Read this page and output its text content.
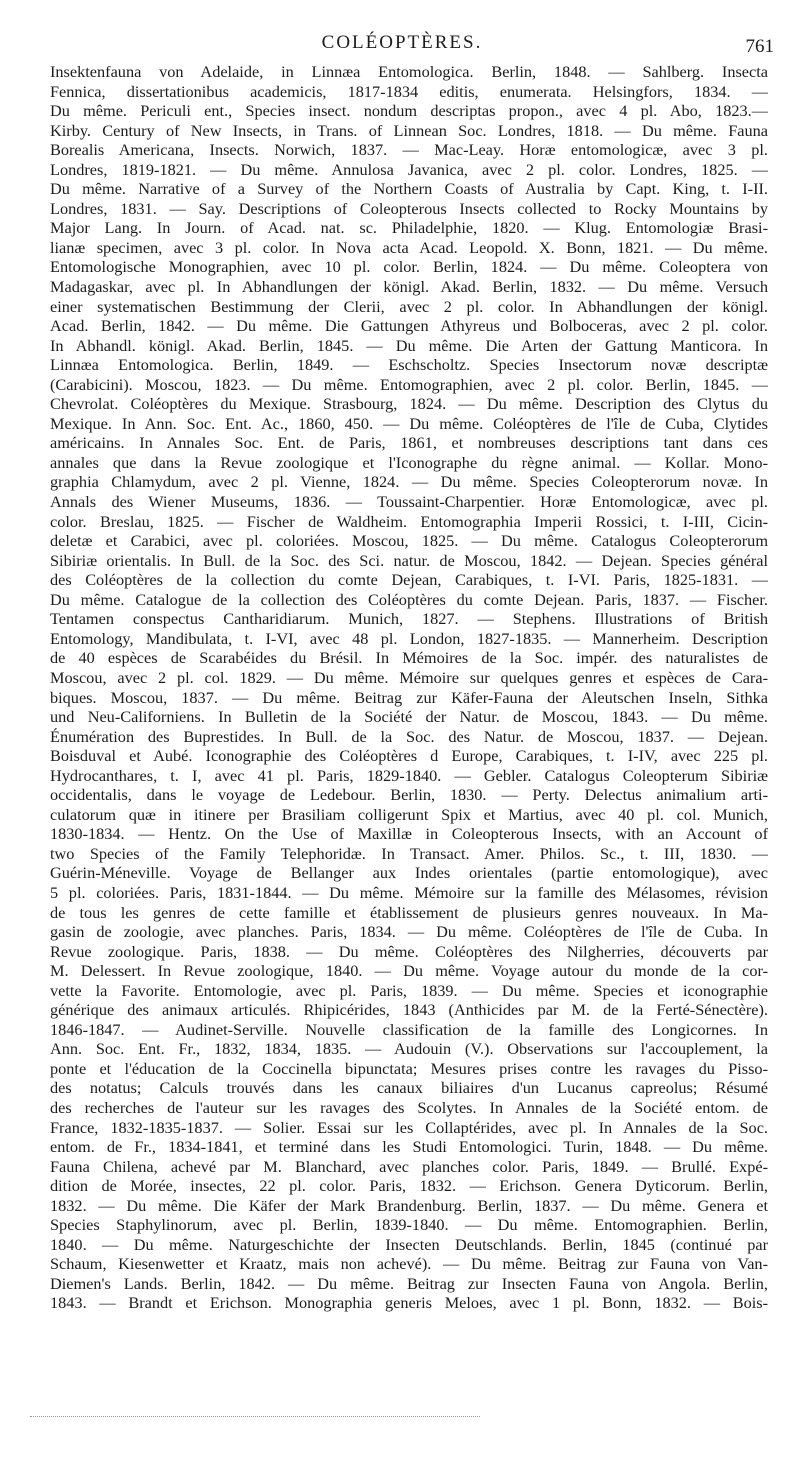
COLÉOPTÈRES.	761
Insektenfauna von Adelaide, in Linnæa Entomologica. Berlin, 1848. — Sahlberg. Insecta
Fennica, dissertationibus academicis, 1817-1834 editis, enumerata. Helsingfors, 1834. —
Du même. Periculi ent., Species insect. nondum descriptas propon., avec 4 pl. Abo, 1823.—
Kirby. Century of New Insects, in Trans. of Linnean Soc. Londres, 1818. — Du même. Fauna
Borealis Americana, Insects. Norwich, 1837. — Mac-Leay. Horæ entomologicæ, avec 3 pl.
Londres, 1819-1821. — Du même. Annulosa Javanica, avec 2 pl. color. Londres, 1825. —
Du même. Narrative of a Survey of the Northern Coasts of Australia by Capt. King, t. I-II.
Londres, 1831. — Say. Descriptions of Coleopterous Insects collected to Rocky Mountains by
Major Lang. In Journ. of Acad. nat. sc. Philadelphie, 1820. — Klug. Entomologiæ Brasi-
lianæ specimen, avec 3 pl. color. In Nova acta Acad. Leopold. X. Bonn, 1821. — Du même.
Entomologische Monographien, avec 10 pl. color. Berlin, 1824. — Du même. Coleoptera von
Madagaskar, avec pl. In Abhandlungen der königl. Akad. Berlin, 1832. — Du même. Versuch
einer systematischen Bestimmung der Clerii, avec 2 pl. color. In Abhandlungen der königl.
Acad. Berlin, 1842. — Du même. Die Gattungen Athyreus und Bolboceras, avec 2 pl. color.
In Abhandl. königl. Akad. Berlin, 1845. — Du même. Die Arten der Gattung Manticora. In
Linnæa Entomologica. Berlin, 1849. — Eschscholtz. Species Insectorum novæ descriptæ
(Carabicini). Moscou, 1823. — Du même. Entomographien, avec 2 pl. color. Berlin, 1845. —
Chevrolat. Coléoptères du Mexique. Strasbourg, 1824. — Du même. Description des Clytus du
Mexique. In Ann. Soc. Ent. Ac., 1860, 450. — Du même. Coléoptères de l'île de Cuba, Clytides
américains. In Annales Soc. Ent. de Paris, 1861, et nombreuses descriptions tant dans ces
annales que dans la Revue zoologique et l'Iconographe du règne animal. — Kollar. Mono-
graphia Chlamydum, avec 2 pl. Vienne, 1824. — Du même. Species Coleopterorum novæ. In
Annals des Wiener Museums, 1836. — Toussaint-Charpentier. Horæ Entomologicæ, avec pl.
color. Breslau, 1825. — Fischer de Waldheim. Entomographia Imperii Rossici, t. I-III, Cicin-
deletæ et Carabici, avec pl. coloriées. Moscou, 1825. — Du même. Catalogus Coleopterorum
Sibiriæ orientalis. In Bull. de la Soc. des Sci. natur. de Moscou, 1842. — Dejean. Species général
des Coléoptères de la collection du comte Dejean, Carabiques, t. I-VI. Paris, 1825-1831. —
Du même. Catalogue de la collection des Coléoptères du comte Dejean. Paris, 1837. — Fischer.
Tentamen conspectus Cantharidiarum. Munich, 1827. — Stephens. Illustrations of British
Entomology, Mandibulata, t. I-VI, avec 48 pl. London, 1827-1835. — Mannerheim. Description
de 40 espèces de Scarabéides du Brésil. In Mémoires de la Soc. impér. des naturalistes de
Moscou, avec 2 pl. col. 1829. — Du même. Mémoire sur quelques genres et espèces de Cara-
biques. Moscou, 1837. — Du même. Beitrag zur Käfer-Fauna der Aleutschen Inseln, Sithka
und Neu-Californiens. In Bulletin de la Société der Natur. de Moscou, 1843. — Du même.
Énumération des Buprestides. In Bull. de la Soc. des Natur. de Moscou, 1837. — Dejean.
Boisduval et Aubé. Iconographie des Coléoptères d Europe, Carabiques, t. I-IV, avec 225 pl.
Hydrocanthares, t. I, avec 41 pl. Paris, 1829-1840. — Gebler. Catalogus Coleopterum Sibiriæ
occidentalis, dans le voyage de Ledebour. Berlin, 1830. — Perty. Delectus animalium arti-
culatorum quæ in itinere per Brasiliam colligerunt Spix et Martius, avec 40 pl. col. Munich,
1830-1834. — Hentz. On the Use of Maxillæ in Coleopterous Insects, with an Account of
two Species of the Family Telephoridæ. In Transact. Amer. Philos. Sc., t. III, 1830. —
Guérin-Méneville. Voyage de Bellanger aux Indes orientales (partie entomologique), avec
5 pl. coloriées. Paris, 1831-1844. — Du même. Mémoire sur la famille des Mélasomes, révision
de tous les genres de cette famille et établissement de plusieurs genres nouveaux. In Ma-
gasin de zoologie, avec planches. Paris, 1834. — Du même. Coléoptères de l'île de Cuba. In
Revue zoologique. Paris, 1838. — Du même. Coléoptères des Nilgherries, découverts par
M. Delessert. In Revue zoologique, 1840. — Du même. Voyage autour du monde de la cor-
vette la Favorite. Entomologie, avec pl. Paris, 1839. — Du même. Species et iconographie
générique des animaux articulés. Rhipicérides, 1843 (Anthicides par M. de la Ferté-Sénectère).
1846-1847. — Audinet-Serville. Nouvelle classification de la famille des Longicornes. In
Ann. Soc. Ent. Fr., 1832, 1834, 1835. — Audouin (V.). Observations sur l'accouplement, la
ponte et l'éducation de la Coccinella bipunctata; Mesures prises contre les ravages du Pisso-
des notatus; Calculs trouvés dans les canaux biliaires d'un Lucanus capreolus; Résumé
des recherches de l'auteur sur les ravages des Scolytes. In Annales de la Société entom. de
France, 1832-1835-1837. — Solier. Essai sur les Collaptérides, avec pl. In Annales de la Soc.
entom. de Fr., 1834-1841, et terminé dans les Studi Entomologici. Turin, 1848. — Du même.
Fauna Chilena, achevé par M. Blanchard, avec planches color. Paris, 1849. — Brullé. Expé-
dition de Morée, insectes, 22 pl. color. Paris, 1832. — Erichson. Genera Dyticorum. Berlin,
1832. — Du même. Die Käfer der Mark Brandenburg. Berlin, 1837. — Du même. Genera et
Species Staphylinorum, avec pl. Berlin, 1839-1840. — Du même. Entomographien. Berlin,
1840. — Du même. Naturgeschichte der Insecten Deutschlands. Berlin, 1845 (continué par
Schaum, Kiesenwetter et Kraatz, mais non achevé). — Du même. Beitrag zur Fauna von Van-
Diemen's Lands. Berlin, 1842. — Du même. Beitrag zur Insecten Fauna von Angola. Berlin,
1843. — Brandt et Erichson. Monographia generis Meloes, avec 1 pl. Bonn, 1832. — Bois-
